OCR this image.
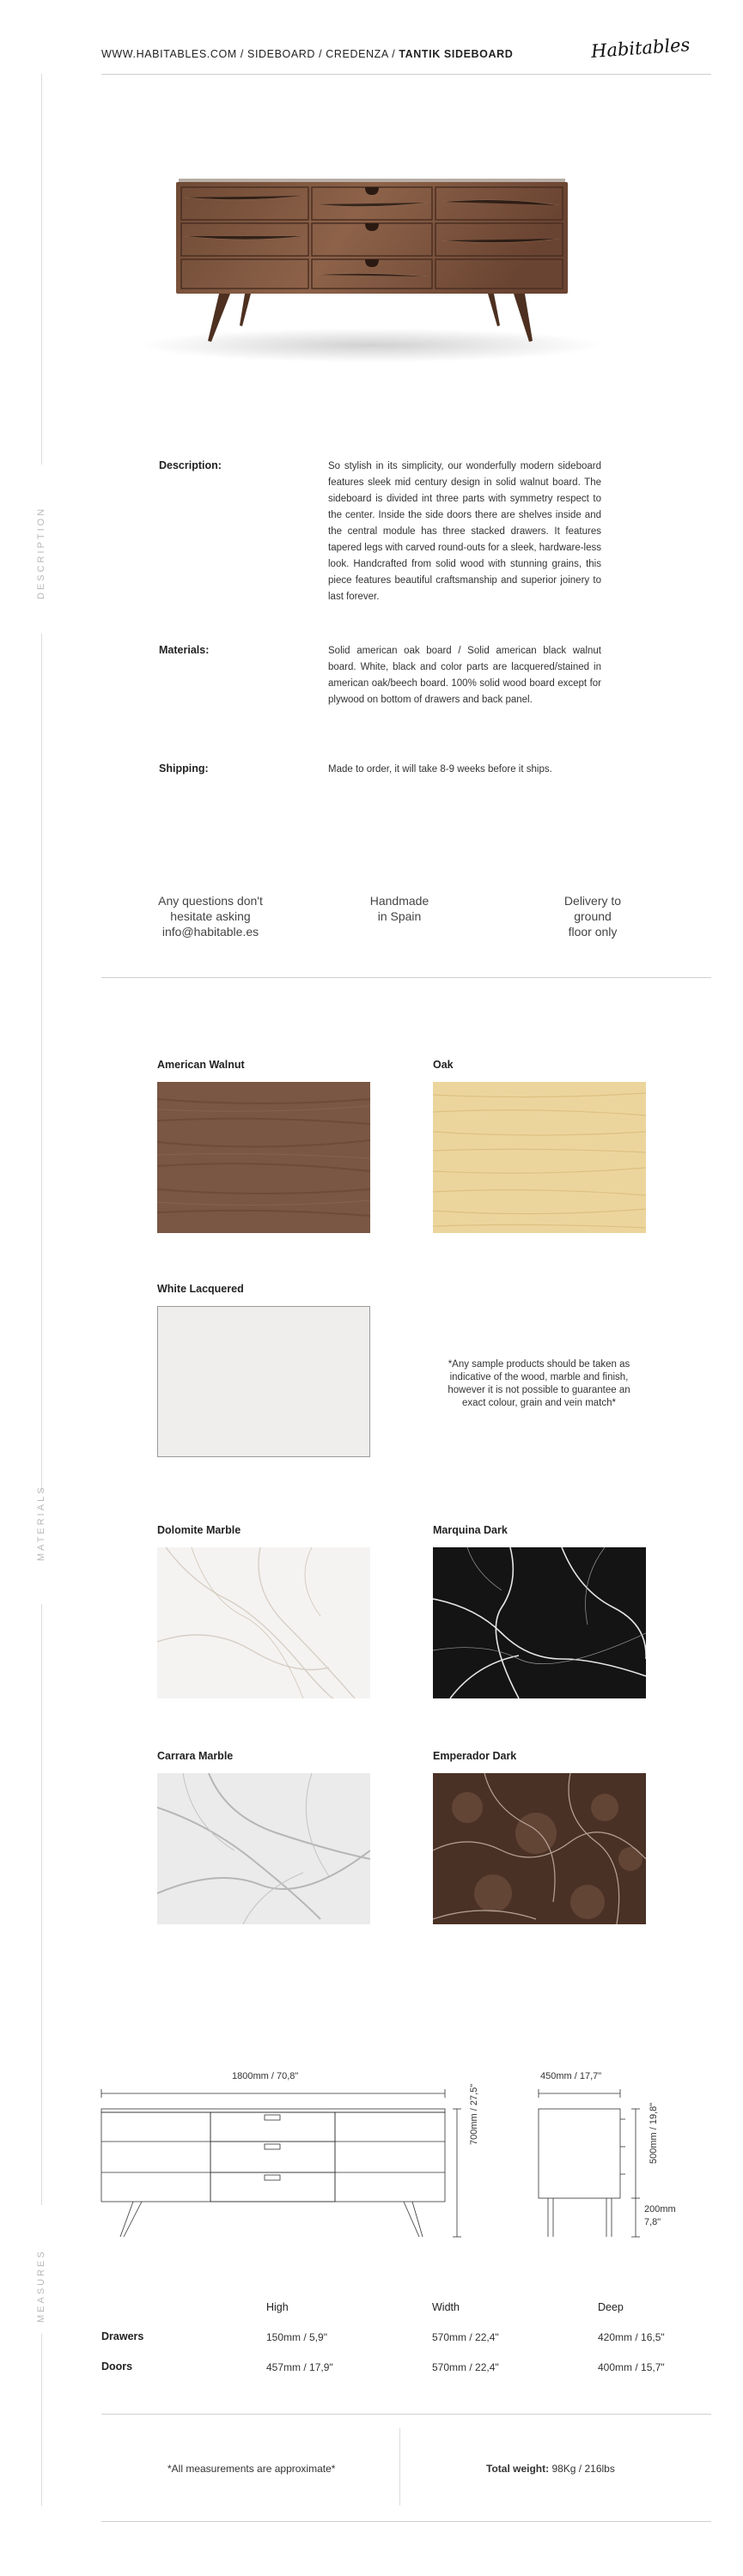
WWW.HABITABLES.COM / SIDEBOARD / CREDENZA / TANTIK SIDEBOARD	Habitables
DESCRIPTION
MATERIALS
MEASURES
Description:	So stylish in its simplicity, our wonderfully modern sideboard features sleek mid century design in solid walnut board. The sideboard is divided int three parts with symmetry respect to the center. Inside the side doors there are shelves inside and the central module has three stacked drawers. It features tapered legs with carved round-outs for a sleek, hardware-less look. Handcrafted from solid wood with stunning grains, this piece features beautiful craftsmanship and superior joinery to last forever.
Materials:	Solid american oak board / Solid american black walnut board. White, black and color parts are lacquered/stained in american oak/beech board. 100% solid wood board except for plywood on bottom of drawers and back panel.
Shipping:	Made to order, it will take 8-9 weeks before it ships.
Any questions don't
hesitate asking
info@habitable.es
Handmade
in Spain
Delivery to
ground
floor only
American Walnut	Oak
White Lacquered
*Any sample products should be taken as indicative of the wood, marble and finish, however it is not possible to guarantee an exact colour, grain and vein match*
Dolomite Marble	Marquina Dark
Carrara Marble	Emperador Dark
1800mm / 70,8"
700mm / 27,5"
450mm / 17,7"
500mm / 19,8"
200mm
7,8"
High	Width	Deep
Drawers	150mm / 5,9"	570mm / 22,4"	420mm / 16,5"
Doors	457mm / 17,9"	570mm / 22,4"	400mm / 15,7"
*All measurements are approximate*	Total weight: 98Kg / 216lbs
